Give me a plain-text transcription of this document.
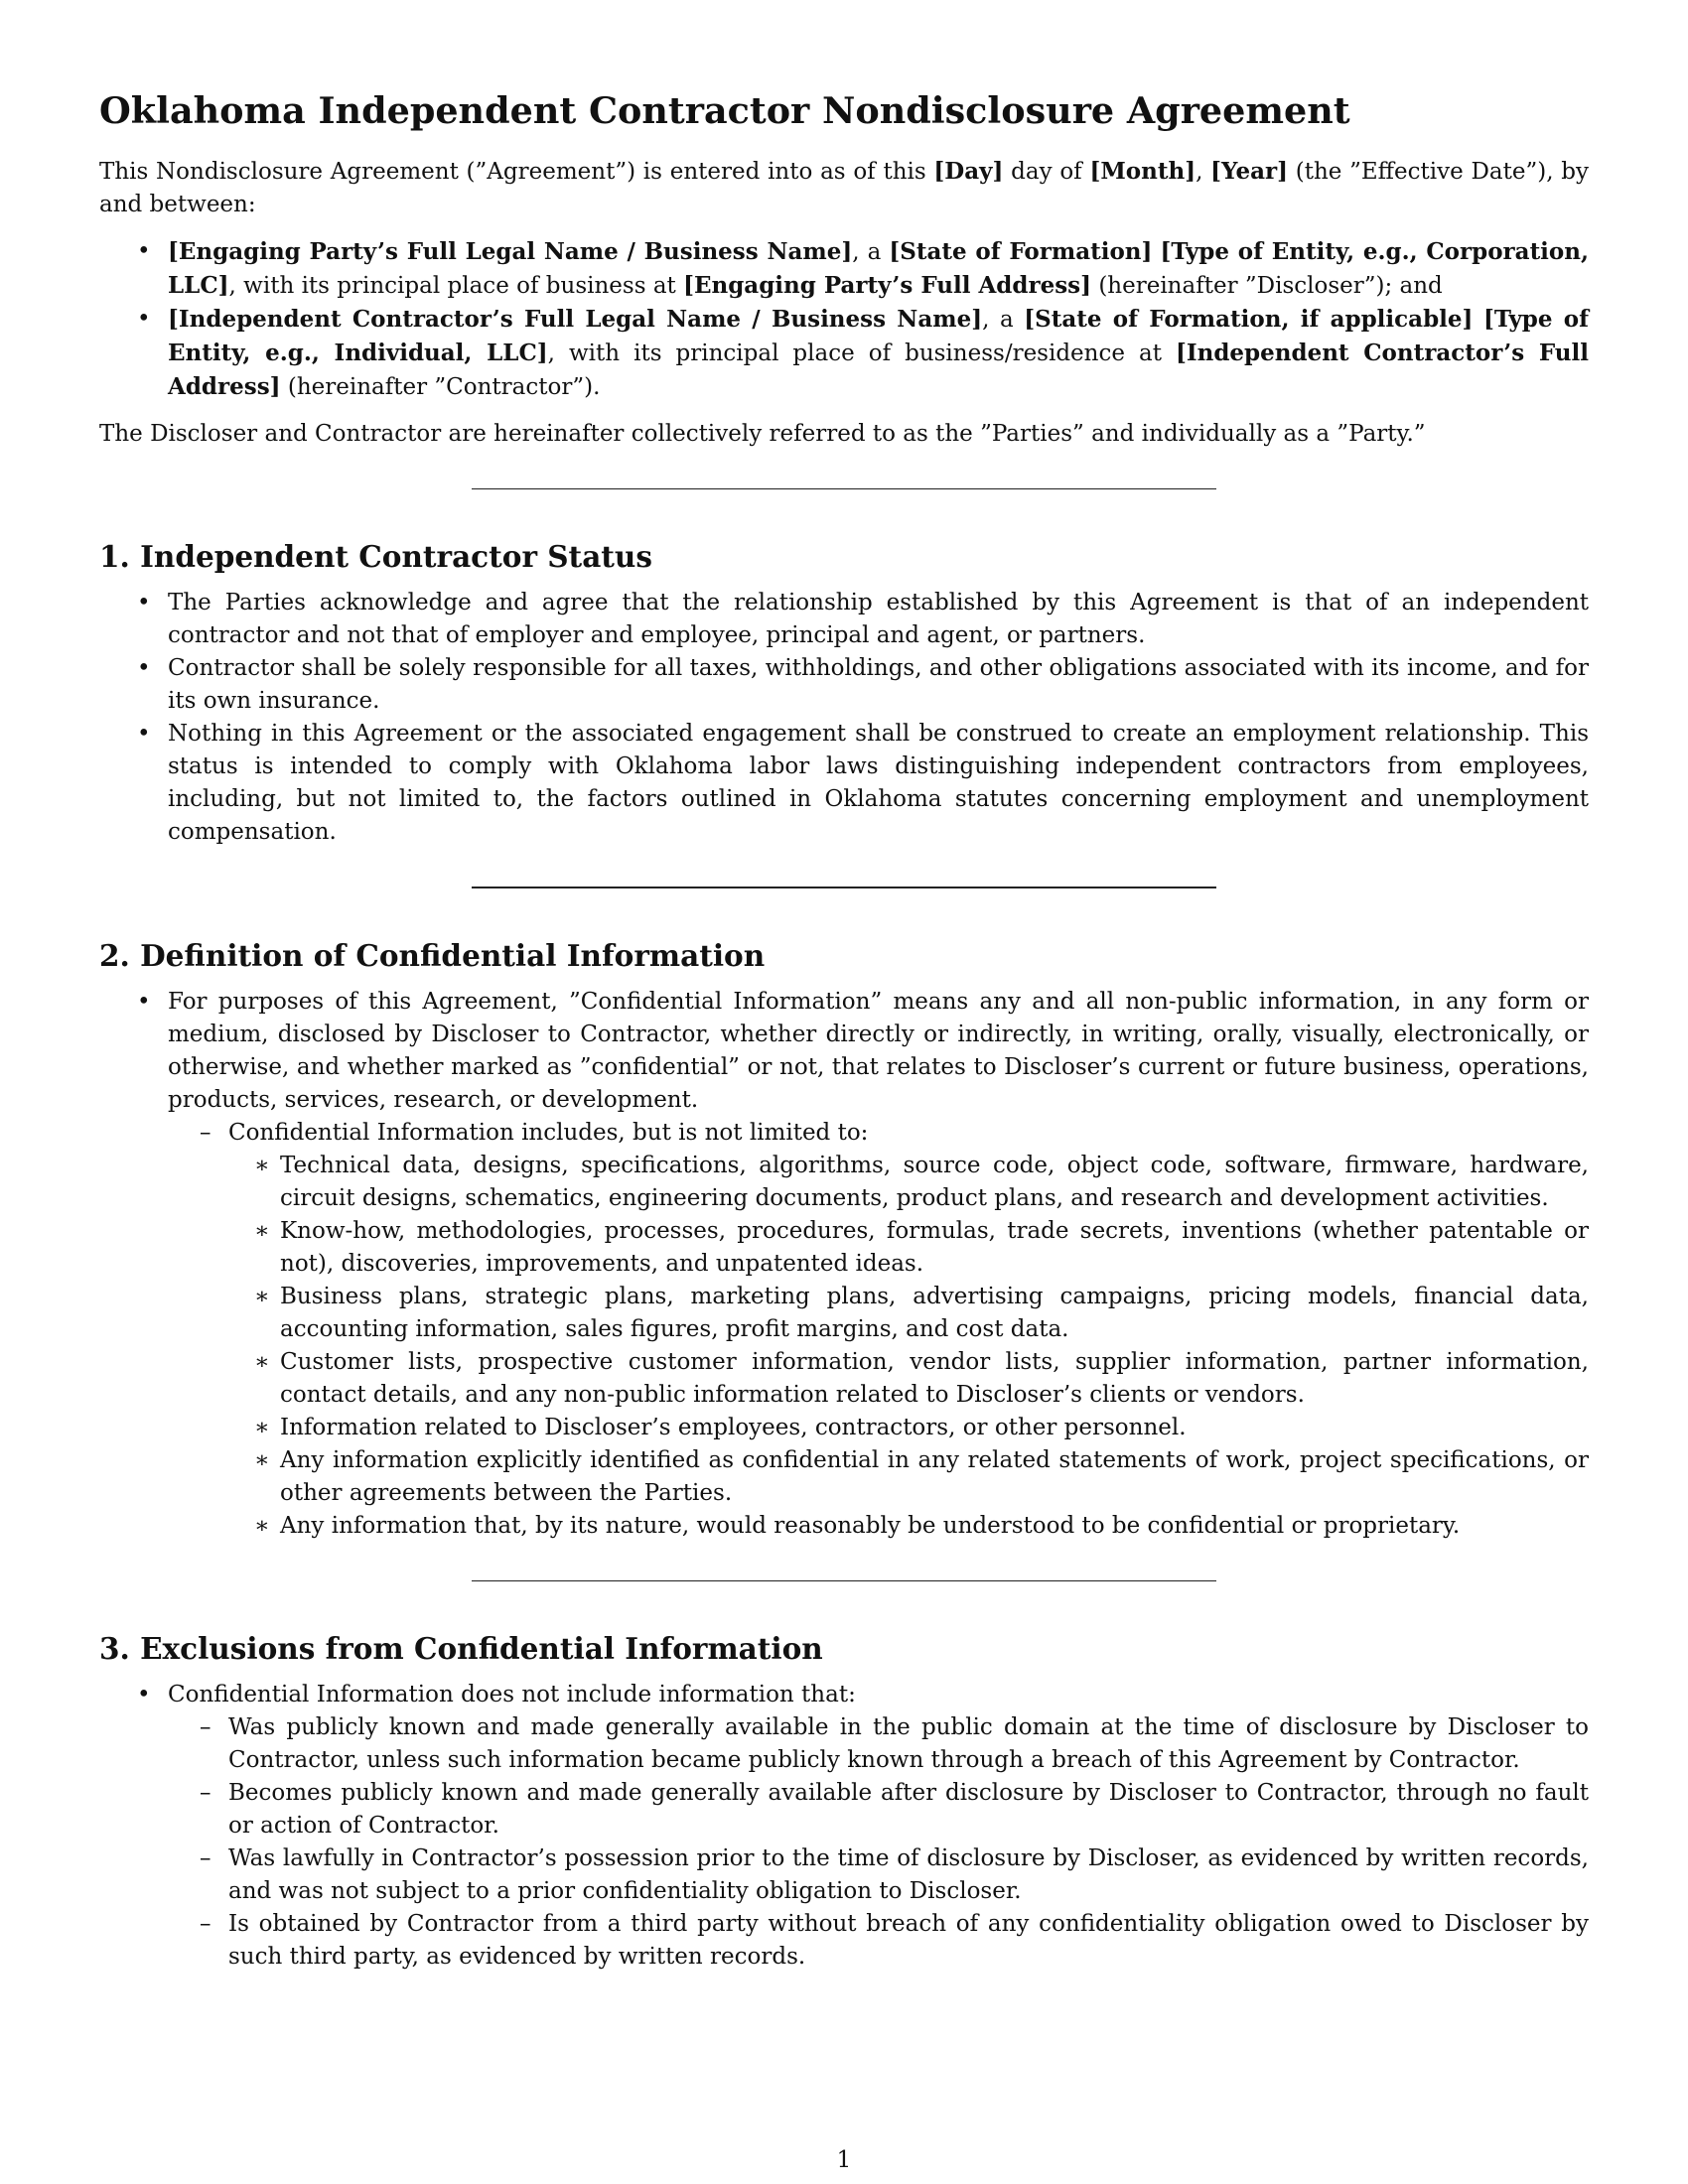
Oklahoma Independent Contractor Nondisclosure Agreement

This Nondisclosure Agreement (”Agreement”) is entered into as of this [Day] day of [Month], [Year] (the ”Effective Date”), by and between:

• [Engaging Party’s Full Legal Name / Business Name], a [State of Formation] [Type of Entity, e.g., Corporation, LLC], with its principal place of business at [Engaging Party’s Full Address] (hereinafter ”Discloser”); and
• [Independent Contractor’s Full Legal Name / Business Name], a [State of Formation, if applicable] [Type of Entity, e.g., Individual, LLC], with its principal place of business/residence at [Independent Contractor’s Full Address] (hereinafter ”Contractor”).

The Discloser and Contractor are hereinafter collectively referred to as the ”Parties” and individually as a ”Party.”

1. Independent Contractor Status
• The Parties acknowledge and agree that the relationship established by this Agreement is that of an independent contractor and not that of employer and employee, principal and agent, or partners.
• Contractor shall be solely responsible for all taxes, withholdings, and other obligations associated with its income, and for its own insurance.
• Nothing in this Agreement or the associated engagement shall be construed to create an employment relationship. This status is intended to comply with Oklahoma labor laws distinguishing independent contractors from employees, including, but not limited to, the factors outlined in Oklahoma statutes concerning employment and unemployment compensation.
2. Definition of Confidential Information
• For purposes of this Agreement, ”Confidential Information” means any and all non-public information, in any form or medium, disclosed by Discloser to Contractor, whether directly or indirectly, in writing, orally, visually, electronically, or otherwise, and whether marked as ”confidential” or not, that relates to Discloser’s current or future business, operations, products, services, research, or development.
– Confidential Information includes, but is not limited to:
∗ Technical data, designs, specifications, algorithms, source code, object code, software, firmware, hardware, circuit designs, schematics, engineering documents, product plans, and research and development activities.
∗ Know-how, methodologies, processes, procedures, formulas, trade secrets, inventions (whether patentable or not), discoveries, improvements, and unpatented ideas.
∗ Business plans, strategic plans, marketing plans, advertising campaigns, pricing models, financial data, accounting information, sales figures, profit margins, and cost data.
∗ Customer lists, prospective customer information, vendor lists, supplier information, partner information, contact details, and any non-public information related to Discloser’s clients or vendors.
∗ Information related to Discloser’s employees, contractors, or other personnel.
∗ Any information explicitly identified as confidential in any related statements of work, project specifications, or other agreements between the Parties.
∗ Any information that, by its nature, would reasonably be understood to be confidential or proprietary.
3. Exclusions from Confidential Information
• Confidential Information does not include information that:
– Was publicly known and made generally available in the public domain at the time of disclosure by Discloser to Contractor, unless such information became publicly known through a breach of this Agreement by Contractor.
– Becomes publicly known and made generally available after disclosure by Discloser to Contractor, through no fault or action of Contractor.
– Was lawfully in Contractor’s possession prior to the time of disclosure by Discloser, as evidenced by written records, and was not subject to a prior confidentiality obligation to Discloser.
– Is obtained by Contractor from a third party without breach of any confidentiality obligation owed to Discloser by such third party, as evidenced by written records.
1
